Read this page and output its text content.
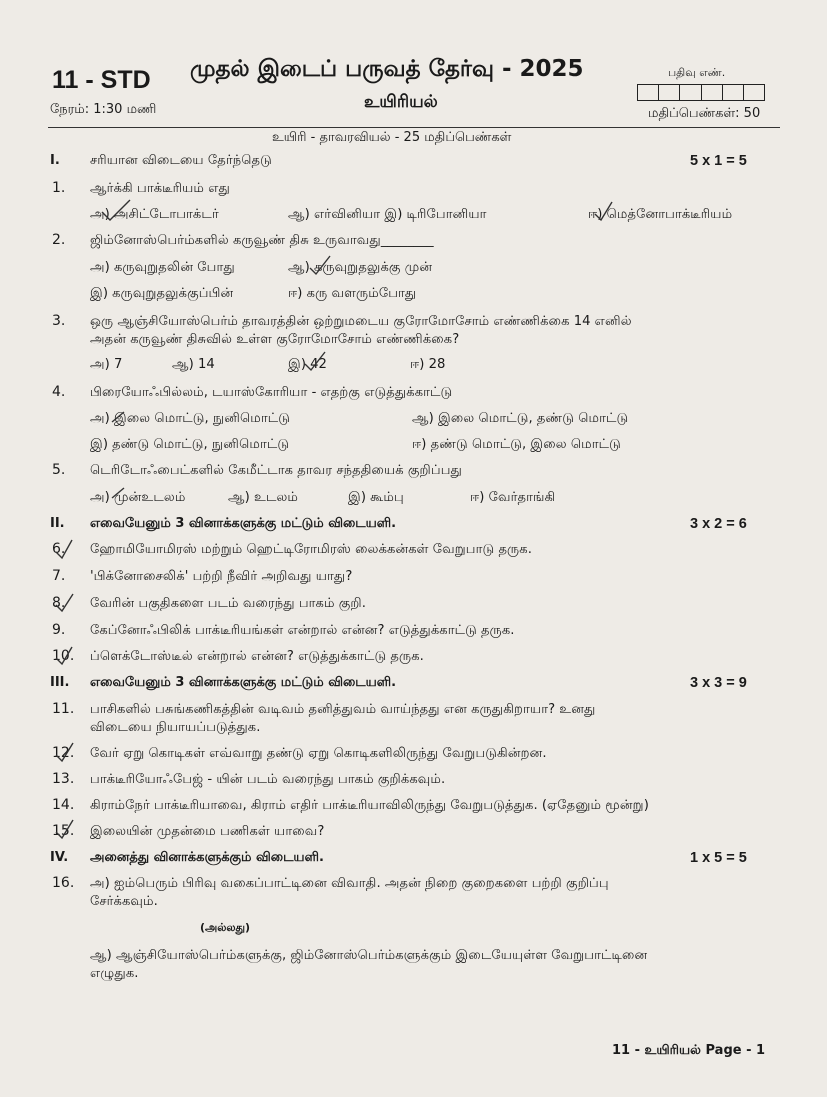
11 - STD முதல் இடைப் பருவத் தேர்வு - 2025	பதிவு எண்.
நேரம்: 1:30 மணி	உயிரியல்
மதிப்பெண்கள்: 50
உயிரி - தாவரவியல் - 25 மதிப்பெண்கள்
I. சரியான விடையை தேர்ந்தெடு	5 x 1 = 5
1. ஆர்க்கி பாக்டீரியம் எது
அ) அசிட்டோபாக்டர்	ஆ) எர்வினியா இ) டிரிபோனியா	ஈ) மெத்னோபாக்டீரியம்
2. ஜிம்னோஸ்பெர்ம்களில் கருவூண் திசு உருவாவது________
அ) கருவுறுதலின் போது	ஆ) கருவுறுதலுக்கு முன்
இ) கருவுறுதலுக்குப்பின்	ஈ) கரு வளரும்போது
3. ஒரு ஆஞ்சியோஸ்பெர்ம் தாவரத்தின் ஒற்றுமடைய குரோமோசோம் எண்ணிக்கை 14 எனில்
அதன் கருவூண் திசுவில் உள்ள குரோமோசோம் எண்ணிக்கை?
அ) 7	ஆ) 14	இ) 42	ஈ) 28
4. பிரையோஃபில்லம், டயாஸ்கோரியா - எதற்கு எடுத்துக்காட்டு
அ) இலை மொட்டு, நுனிமொட்டு	ஆ) இலை மொட்டு, தண்டு மொட்டு
இ) தண்டு மொட்டு, நுனிமொட்டு	ஈ) தண்டு மொட்டு, இலை மொட்டு
5. டெரிடோஃபைட்களில் கேமீட்டாக தாவர சந்ததியைக் குறிப்பது
அ) முன்உடலம்	ஆ) உடலம்	இ) கூம்பு	ஈ) வேர்தாங்கி
II. எவையேனும் 3 வினாக்களுக்கு மட்டும் விடையளி.	3 x 2 = 6
6. ஹோமியோமிரஸ் மற்றும் ஹெட்டிரோமிரஸ் லைக்கன்கள் வேறுபாடு தருக.
7. 'பிக்னோசைலிக்' பற்றி நீவிர் அறிவது யாது?
8. வேரின் பகுதிகளை படம் வரைந்து பாகம் குறி.
9. கேப்னோஃபிலிக் பாக்டீரியங்கள் என்றால் என்ன? எடுத்துக்காட்டு தருக.
10. ப்ளெக்டோஸ்டீல் என்றால் என்ன? எடுத்துக்காட்டு தருக.
III. எவையேனும் 3 வினாக்களுக்கு மட்டும் விடையளி.	3 x 3 = 9
11. பாசிகளில் பசுங்கணிகத்தின் வடிவம் தனித்துவம் வாய்ந்தது என கருதுகிறாயா? உனது
விடையை நியாயப்படுத்துக.
12. வேர் ஏறு கொடிகள் எவ்வாறு தண்டு ஏறு கொடிகளிலிருந்து வேறுபடுகின்றன.
13. பாக்டீரியோஃபேஜ் - யின் படம் வரைந்து பாகம் குறிக்கவும்.
14. கிராம்நேர் பாக்டீரியாவை, கிராம் எதிர் பாக்டீரியாவிலிருந்து வேறுபடுத்துக. (ஏதேனும் மூன்று)
15. இலையின் முதன்மை பணிகள் யாவை?
IV. அனைத்து வினாக்களுக்கும் விடையளி.	1 x 5 = 5
16. அ) ஐம்பெரும் பிரிவு வகைப்பாட்டினை விவாதி. அதன் நிறை குறைகளை பற்றி குறிப்பு
சேர்க்கவும்.
(அல்லது)
ஆ) ஆஞ்சியோஸ்பெர்ம்களுக்கு, ஜிம்னோஸ்பெர்ம்களுக்கும் இடையேயுள்ள வேறுபாட்டினை
எழுதுக.
11 - உயிரியல் Page - 1
